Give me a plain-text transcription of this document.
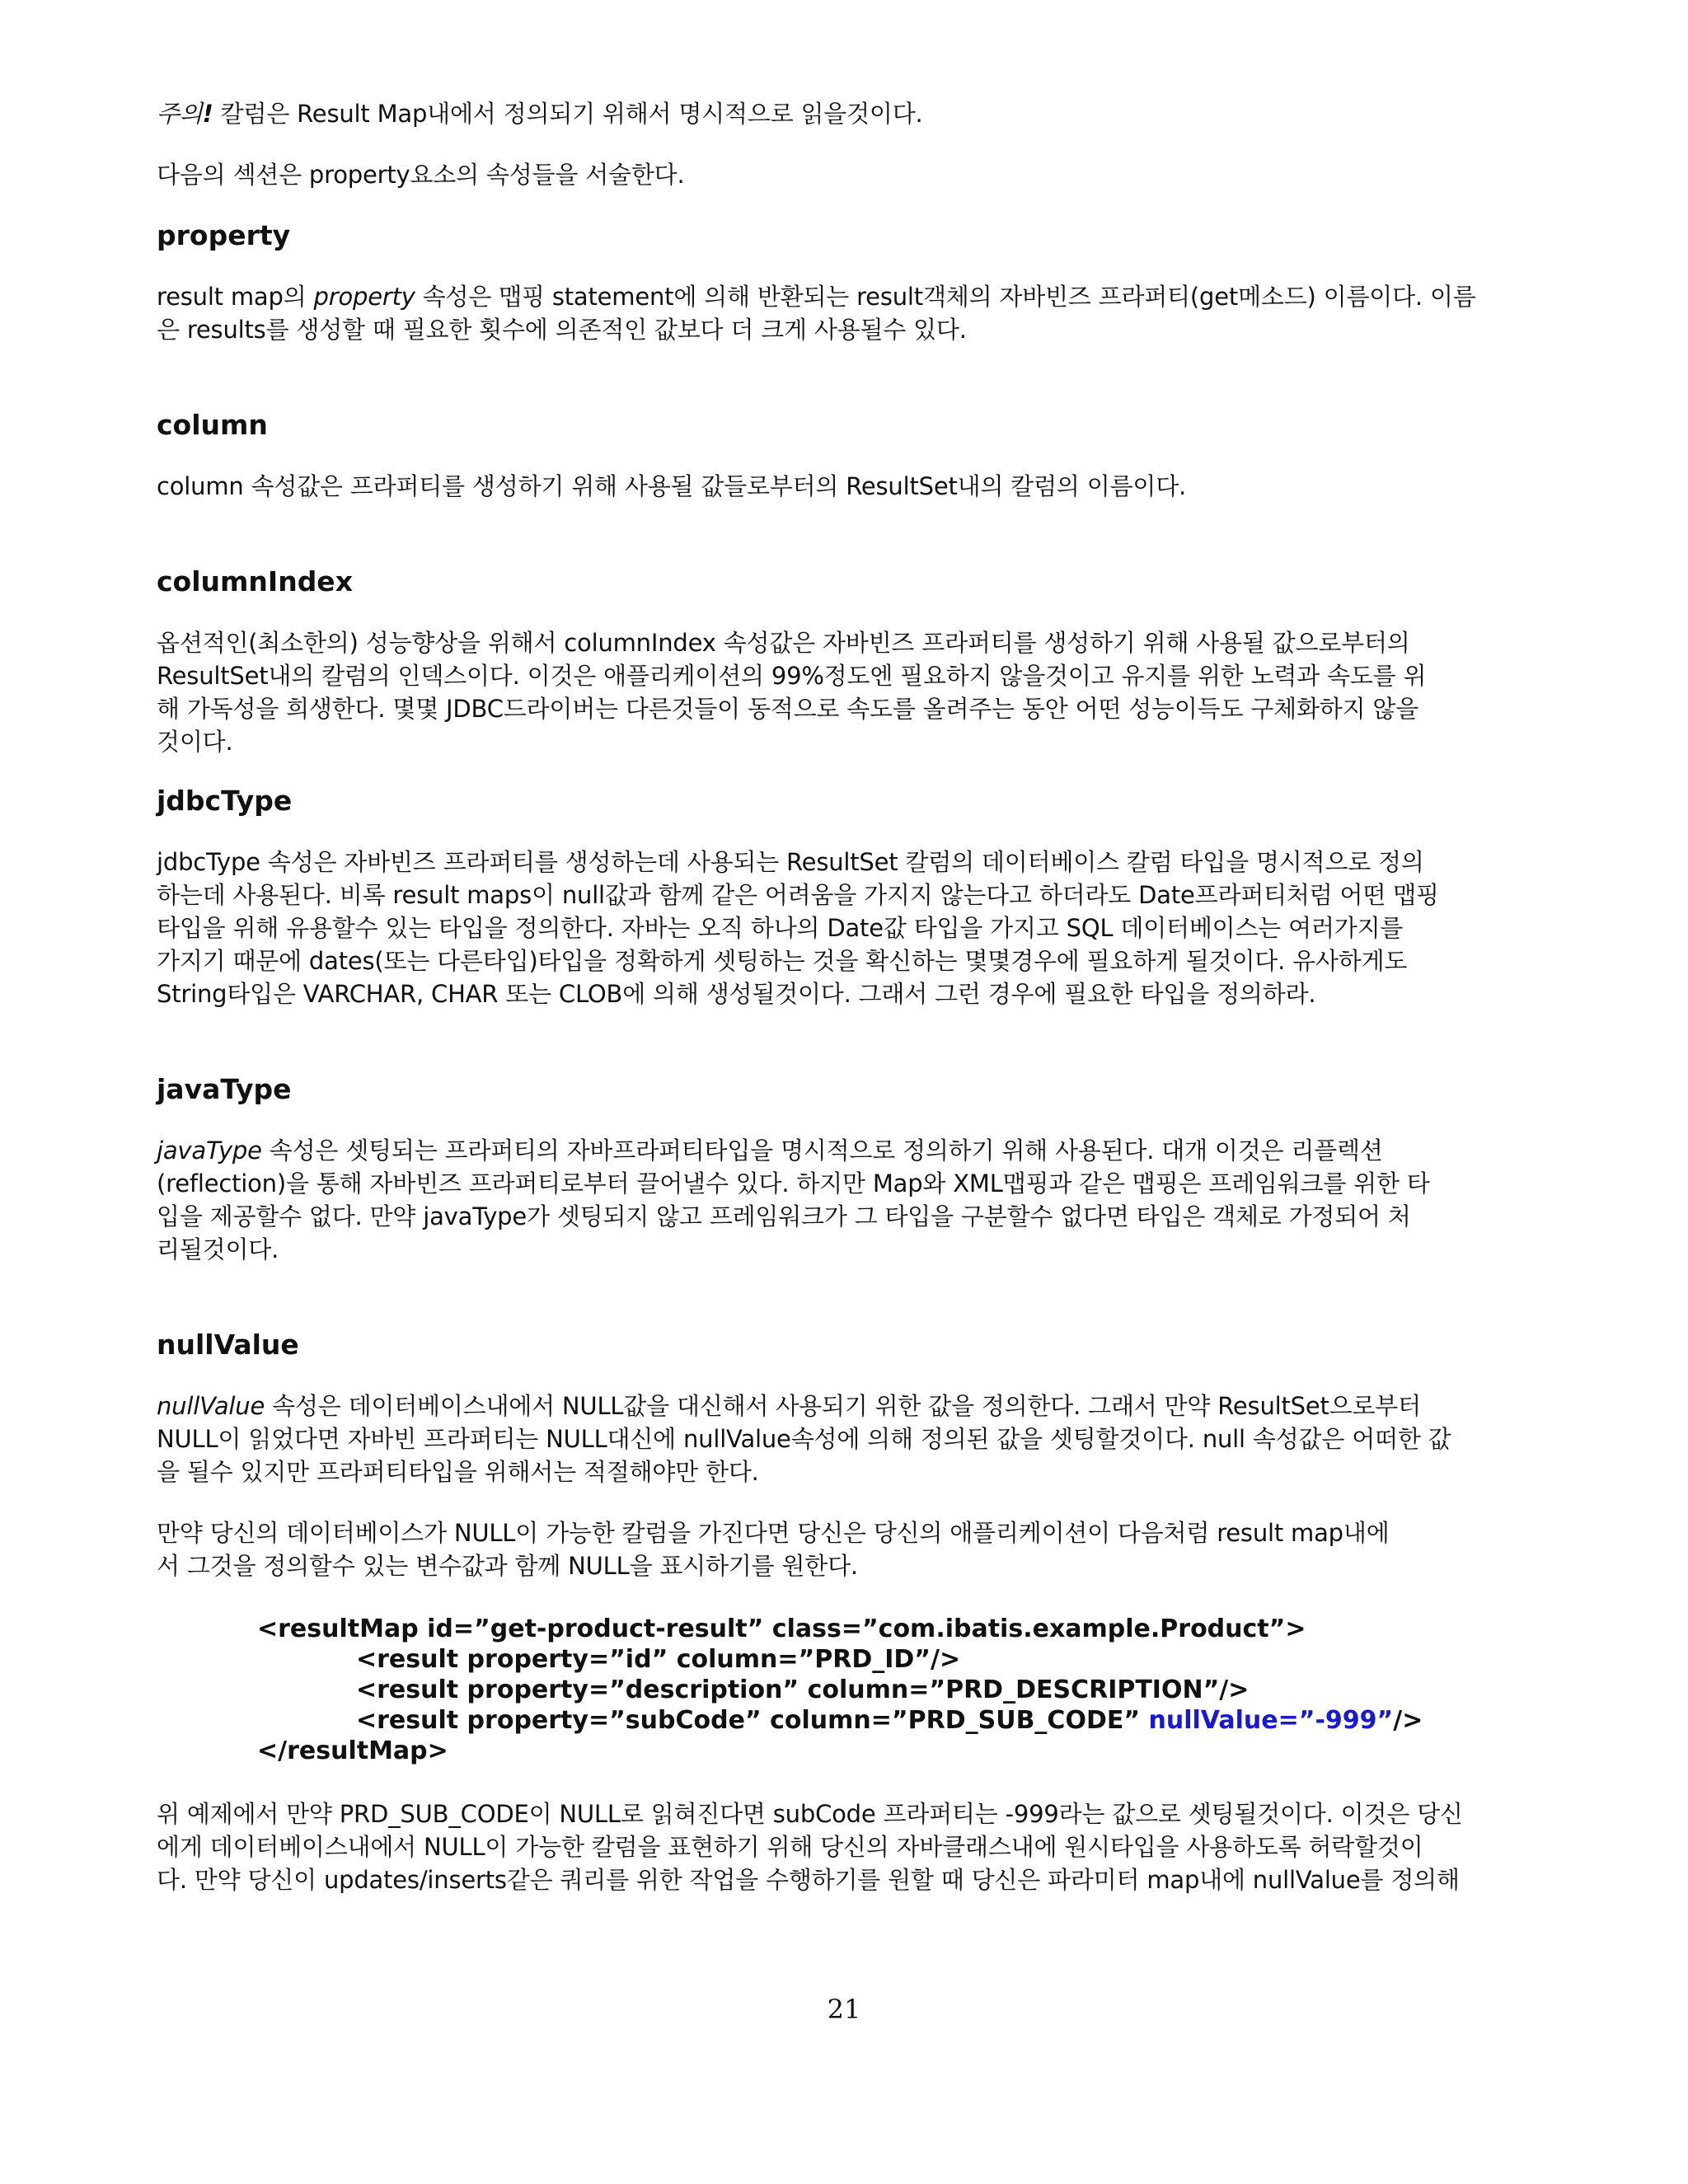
주의! 칼럼은 Result Map내에서 정의되기 위해서 명시적으로 읽을것이다.

다음의 섹션은 property요소의 속성들을 서술한다.

property

result map의 property 속성은 맵핑 statement에 의해 반환되는 result객체의 자바빈즈 프라퍼티(get메소드) 이름이다. 이름

은 results를 생성할 때 필요한 횟수에 의존적인 값보다 더 크게 사용될수 있다.

column

column 속성값은 프라퍼티를 생성하기 위해 사용될 값들로부터의 ResultSet내의 칼럼의 이름이다.

columnIndex

옵션적인(최소한의) 성능향상을 위해서 columnIndex 속성값은 자바빈즈 프라퍼티를 생성하기 위해 사용될 값으로부터의

ResultSet내의 칼럼의 인덱스이다. 이것은 애플리케이션의 99%정도엔 필요하지 않을것이고 유지를 위한 노력과 속도를 위

해 가독성을 희생한다. 몇몇 JDBC드라이버는 다른것들이 동적으로 속도를 올려주는 동안 어떤 성능이득도 구체화하지 않을

것이다.

jdbcType

jdbcType 속성은 자바빈즈 프라퍼티를 생성하는데 사용되는 ResultSet 칼럼의 데이터베이스 칼럼 타입을 명시적으로 정의

하는데 사용된다. 비록 result maps이 null값과 함께 같은 어려움을 가지지 않는다고 하더라도 Date프라퍼티처럼 어떤 맵핑

타입을 위해 유용할수 있는 타입을 정의한다. 자바는 오직 하나의 Date값 타입을 가지고 SQL 데이터베이스는 여러가지를

가지기 때문에 dates(또는 다른타입)타입을 정확하게 셋팅하는 것을 확신하는 몇몇경우에 필요하게 될것이다. 유사하게도

String타입은 VARCHAR, CHAR 또는 CLOB에 의해 생성될것이다. 그래서 그런 경우에 필요한 타입을 정의하라.

javaType

javaType 속성은 셋팅되는 프라퍼티의 자바프라퍼티타입을 명시적으로 정의하기 위해 사용된다. 대개 이것은 리플렉션

(reflection)을 통해 자바빈즈 프라퍼티로부터 끌어낼수 있다. 하지만 Map와 XML맵핑과 같은 맵핑은 프레임워크를 위한 타

입을 제공할수 없다. 만약 javaType가 셋팅되지 않고 프레임워크가 그 타입을 구분할수 없다면 타입은 객체로 가정되어 처

리될것이다.

nullValue

nullValue 속성은 데이터베이스내에서 NULL값을 대신해서 사용되기 위한 값을 정의한다. 그래서 만약 ResultSet으로부터

NULL이 읽었다면 자바빈 프라퍼티는 NULL대신에 nullValue속성에 의해 정의된 값을 셋팅할것이다. null 속성값은 어떠한 값

을 될수 있지만 프라퍼티타입을 위해서는 적절해야만 한다.

만약 당신의 데이터베이스가 NULL이 가능한 칼럼을 가진다면 당신은 당신의 애플리케이션이 다음처럼 result map내에

서 그것을 정의할수 있는 변수값과 함께 NULL을 표시하기를 원한다.

<resultMap id=”get-product-result” class=”com.ibatis.example.Product”>
<result property=”id” column=”PRD_ID”/>
<result property=”description” column=”PRD_DESCRIPTION”/>
<result property=”subCode” column=”PRD_SUB_CODE” nullValue=”-999”/>
</resultMap>

위 예제에서 만약 PRD_SUB_CODE이 NULL로 읽혀진다면 subCode 프라퍼티는 -999라는 값으로 셋팅될것이다. 이것은 당신

에게 데이터베이스내에서 NULL이 가능한 칼럼을 표현하기 위해 당신의 자바클래스내에 원시타입을 사용하도록 허락할것이

다. 만약 당신이 updates/inserts같은 쿼리를 위한 작업을 수행하기를 원할 때 당신은 파라미터 map내에 nullValue를 정의해

21
